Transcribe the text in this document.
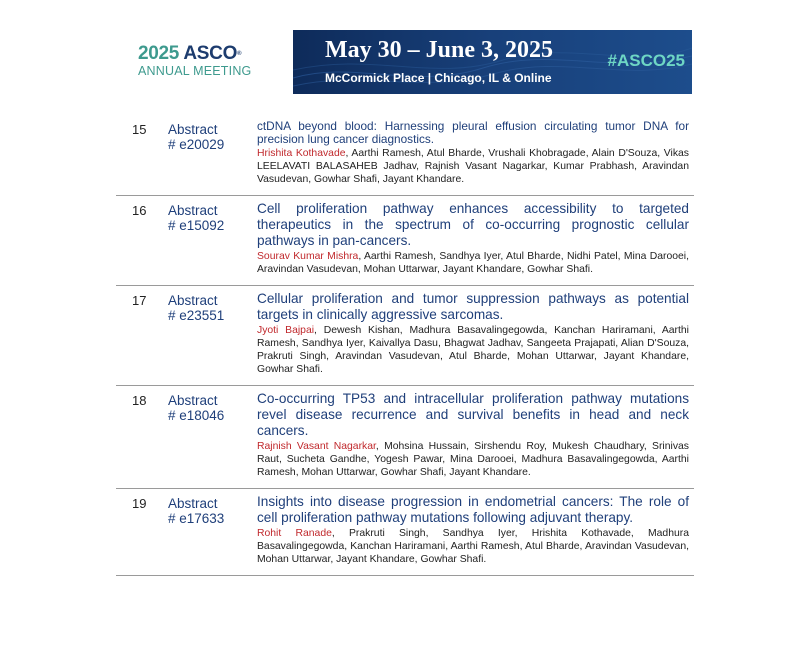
2025 ASCO®
ANNUAL MEETING
May 30 – June 3, 2025
McCormick Place | Chicago, IL & Online
#ASCO25
15 Abstract
# e20029
ctDNA beyond blood: Harnessing pleural effusion circulating tumor DNA for precision lung cancer diagnostics.
Hrishita Kothavade, Aarthi Ramesh, Atul Bharde, Vrushali Khobragade, Alain D'Souza, Vikas LEELAVATI BALASAHEB Jadhav, Rajnish Vasant Nagarkar, Kumar Prabhash, Aravindan Vasudevan, Gowhar Shafi, Jayant Khandare.
16 Abstract
# e15092
Cell proliferation pathway enhances accessibility to targeted therapeutics in the spectrum of co-occurring prognostic cellular pathways in pan-cancers.
Sourav Kumar Mishra, Aarthi Ramesh, Sandhya Iyer, Atul Bharde, Nidhi Patel, Mina Darooei, Aravindan Vasudevan, Mohan Uttarwar, Jayant Khandare, Gowhar Shafi.
17 Abstract
# e23551
Cellular proliferation and tumor suppression pathways as potential targets in clinically aggressive sarcomas.
Jyoti Bajpai, Dewesh Kishan, Madhura Basavalingegowda, Kanchan Hariramani, Aarthi Ramesh, Sandhya Iyer, Kaivallya Dasu, Bhagwat Jadhav, Sangeeta Prajapati, Alian D'Souza, Prakruti Singh, Aravindan Vasudevan, Atul Bharde, Mohan Uttarwar, Jayant Khandare, Gowhar Shafi.
18 Abstract
# e18046
Co-occurring TP53 and intracellular proliferation pathway mutations revel disease recurrence and survival benefits in head and neck cancers.
Rajnish Vasant Nagarkar, Mohsina Hussain, Sirshendu Roy, Mukesh Chaudhary, Srinivas Raut, Sucheta Gandhe, Yogesh Pawar, Mina Darooei, Madhura Basavalingegowda, Aarthi Ramesh, Mohan Uttarwar, Gowhar Shafi, Jayant Khandare.
19 Abstract
# e17633
Insights into disease progression in endometrial cancers: The role of cell proliferation pathway mutations following adjuvant therapy.
Rohit Ranade, Prakruti Singh, Sandhya Iyer, Hrishita Kothavade, Madhura Basavalingegowda, Kanchan Hariramani, Aarthi Ramesh, Atul Bharde, Aravindan Vasudevan, Mohan Uttarwar, Jayant Khandare, Gowhar Shafi.
